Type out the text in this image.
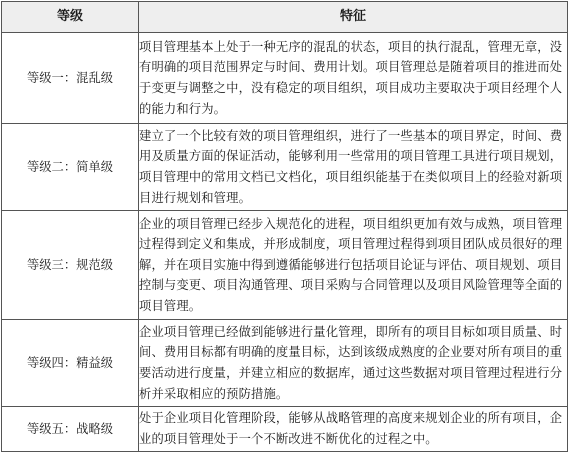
等级	特征
等级一：混乱级	项目管理基本上处于一种无序的混乱的状态，项目的执行混乱，管理无章，没有明确的项目范围界定与时间、费用计划。项目管理总是随着项目的推进而处于变更与调整之中，没有稳定的项目组织，项目成功主要取决于项目经理个人的能力和行为。
等级二：简单级	建立了一个比较有效的项目管理组织，进行了一些基本的项目界定，时间、费用及质量方面的保证活动，能够利用一些常用的项目管理工具进行项目规划，项目管理中的常用文档已文档化，项目组织能基于在类似项目上的经验对新项目进行规划和管理。
等级三：规范级	企业的项目管理已经步入规范化的进程，项目组织更加有效与成熟，项目管理过程得到定义和集成，并形成制度，项目管理过程得到项目团队成员很好的理解，并在项目实施中得到遵循能够进行包括项目论证与评估、项目规划、项目控制与变更、项目沟通管理、项目采购与合同管理以及项目风险管理等全面的项目管理。
等级四：精益级	企业项目管理已经做到能够进行量化管理，即所有的项目目标如项目质量、时间、费用目标都有明确的度量目标，达到该级成熟度的企业要对所有项目的重要活动进行度量，并建立相应的数据库，通过这些数据对项目管理过程进行分析并采取相应的预防措施。
等级五：战略级	处于企业项目化管理阶段，能够从战略管理的高度来规划企业的所有项目，企业的项目管理处于一个不断改进不断优化的过程之中。
